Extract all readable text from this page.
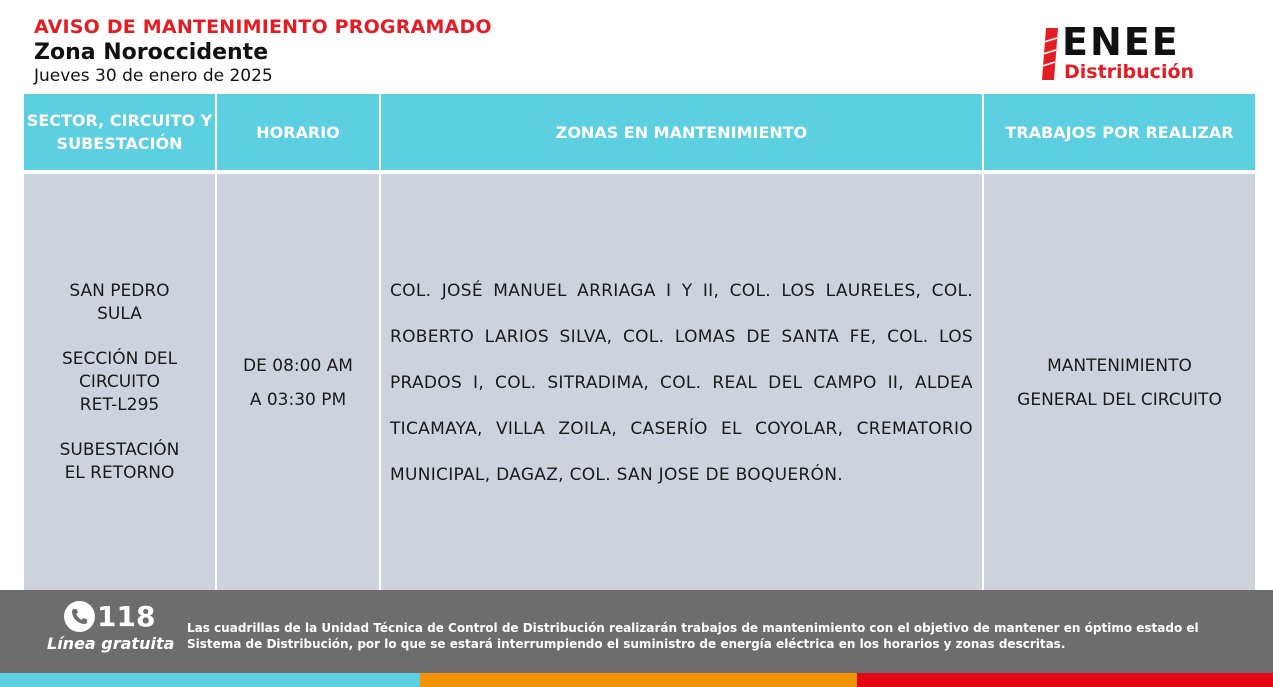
AVISO DE MANTENIMIENTO PROGRAMADO
Zona Noroccidente
Jueves 30 de enero de 2025
ENEE
Distribución
SECTOR, CIRCUITO Y SUBESTACIÓN
HORARIO	ZONAS EN MANTENIMIENTO	TRABAJOS POR REALIZAR
SAN PEDRO
SULA
SECCIÓN DEL
CIRCUITO
RET-L295
SUBESTACIÓN
EL RETORNO
DE 08:00 AM
A 03:30 PM
COL. JOSÉ MANUEL ARRIAGA I Y II, COL. LOS LAURELES, COL. ROBERTO LARIOS SILVA, COL. LOMAS DE SANTA FE, COL. LOS PRADOS I, COL. SITRADIMA, COL. REAL DEL CAMPO II, ALDEA TICAMAYA, VILLA ZOILA, CASERÍO EL COYOLAR, CREMATORIO MUNICIPAL, DAGAZ, COL. SAN JOSE DE BOQUERÓN.
MANTENIMIENTO
GENERAL DEL CIRCUITO
118
Línea gratuita
Las cuadrillas de la Unidad Técnica de Control de Distribución realizarán trabajos de mantenimiento con el objetivo de mantener en óptimo estado el Sistema de Distribución, por lo que se estará interrumpiendo el suministro de energía eléctrica en los horarios y zonas descritas.
